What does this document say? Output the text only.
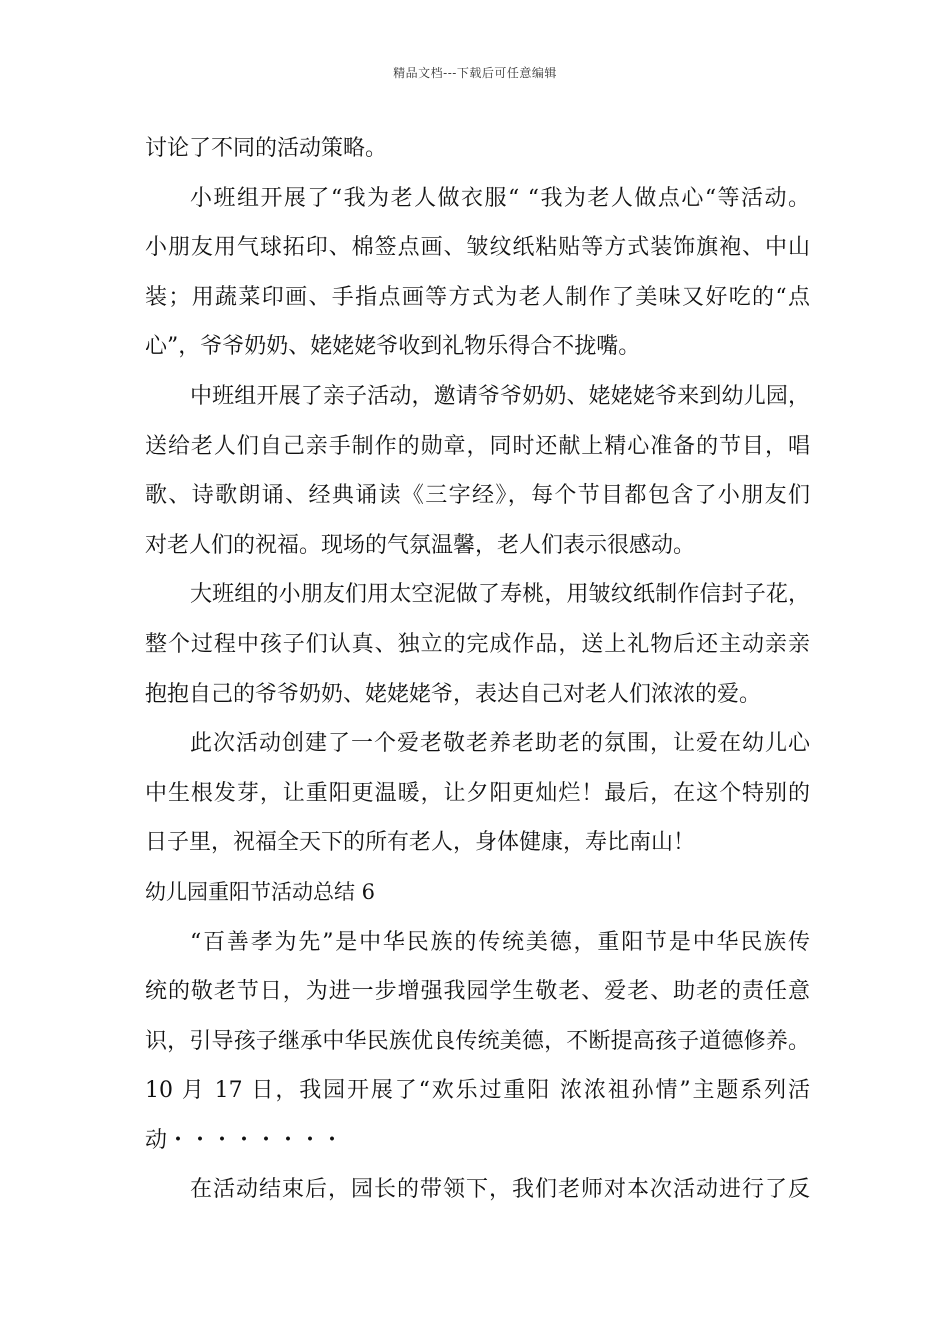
精品文档---下载后可任意编辑
讨论了不同的活动策略。
小班组开展了“我为老人做衣服“ “我为老人做点心“等活动。
小朋友用气球拓印、棉签点画、皱纹纸粘贴等方式装饰旗袍、中山
装；用蔬菜印画、手指点画等方式为老人制作了美味又好吃的“点
心”，爷爷奶奶、姥姥姥爷收到礼物乐得合不拢嘴。
中班组开展了亲子活动，邀请爷爷奶奶、姥姥姥爷来到幼儿园，
送给老人们自己亲手制作的勋章，同时还献上精心准备的节目，唱
歌、诗歌朗诵、经典诵读《三字经》，每个节目都包含了小朋友们
对老人们的祝福。现场的气氛温馨，老人们表示很感动。
大班组的小朋友们用太空泥做了寿桃，用皱纹纸制作信封子花，
整个过程中孩子们认真、独立的完成作品，送上礼物后还主动亲亲
抱抱自己的爷爷奶奶、姥姥姥爷，表达自己对老人们浓浓的爱。
此次活动创建了一个爱老敬老养老助老的氛围，让爱在幼儿心
中生根发芽，让重阳更温暖，让夕阳更灿烂！最后，在这个特别的
日子里，祝福全天下的所有老人，身体健康，寿比南山！
幼儿园重阳节活动总结 6
“百善孝为先”是中华民族的传统美德，重阳节是中华民族传
统的敬老节日，为进一步增强我园学生敬老、爱老、助老的责任意
识，引导孩子继承中华民族优良传统美德，不断提高孩子道德修养。
10 月 17 日，我园开展了“欢乐过重阳 浓浓祖孙情”主题系列活
动・・・・・・・・
在活动结束后，园长的带领下，我们老师对本次活动进行了反
